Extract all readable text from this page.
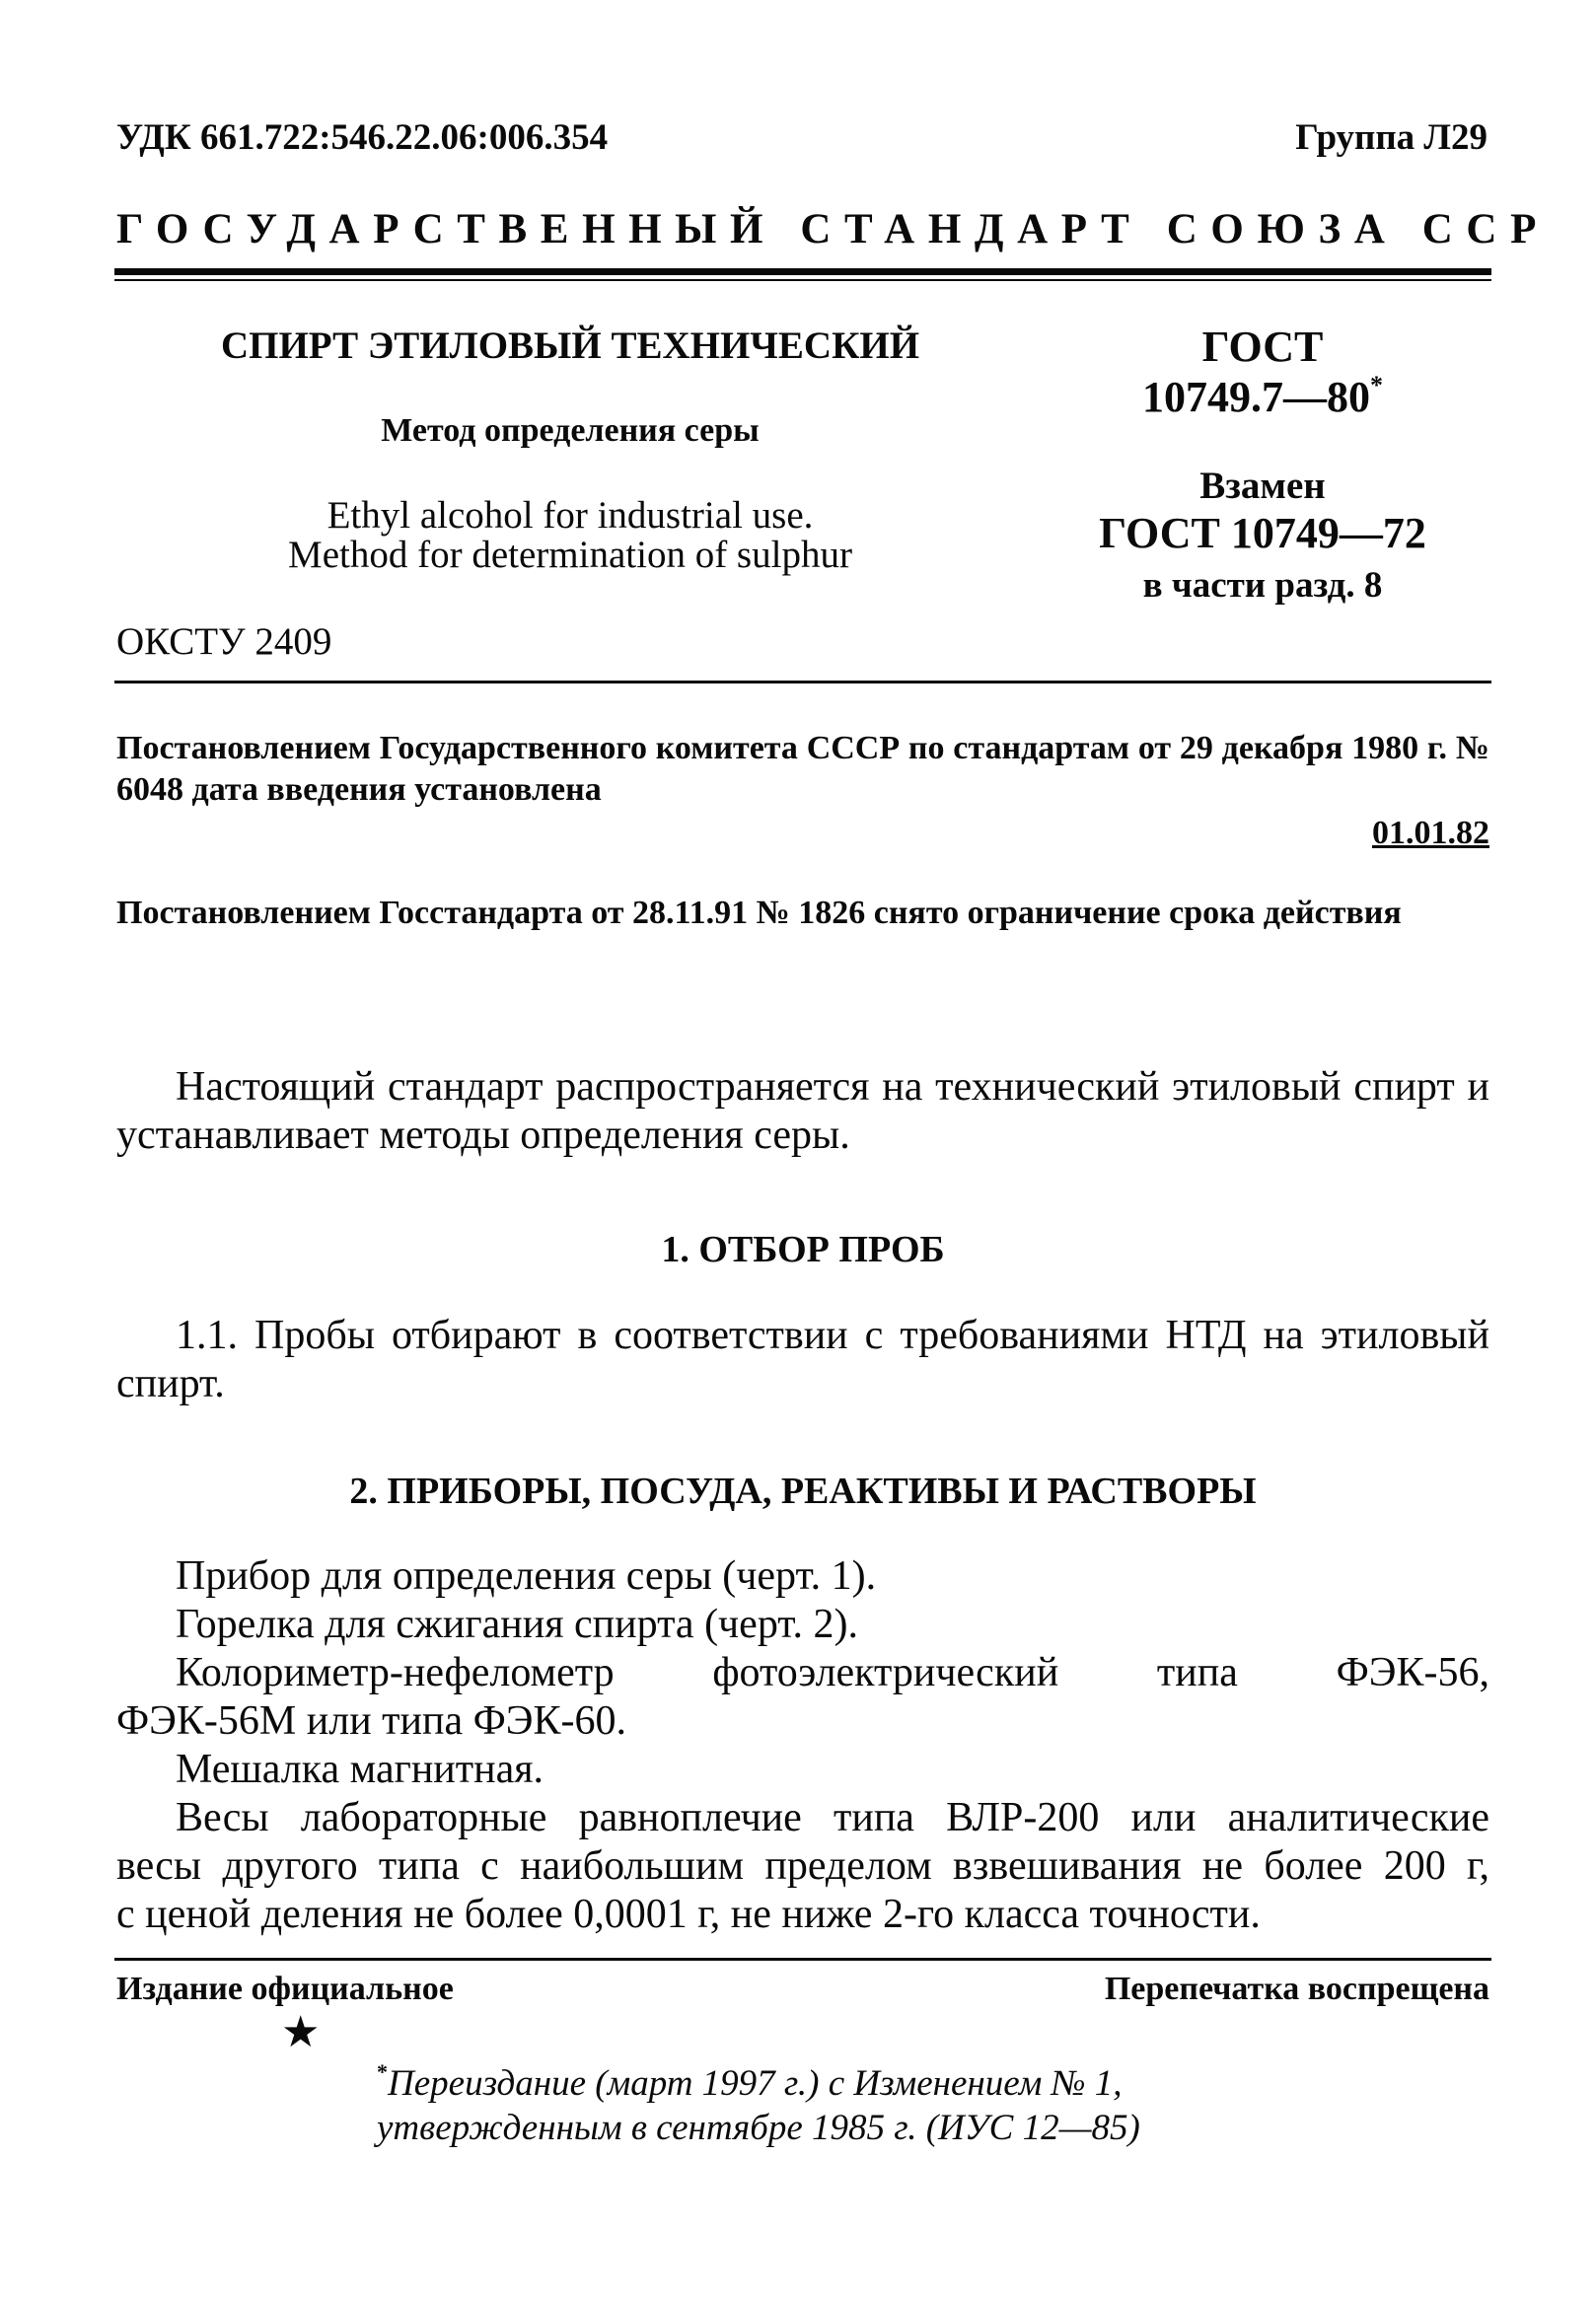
УДК 661.722:546.22.06:006.354	Группа Л29
ГОСУДАРСТВЕННЫЙ СТАНДАРТ СОЮЗА ССР
СПИРТ ЭТИЛОВЫЙ ТЕХНИЧЕСКИЙ
Метод определения серы
Ethyl alcohol for industrial use.
Method for determination of sulphur
ОКСТУ 2409
ГОСТ
10749.7—80*
Взамен
ГОСТ 10749—72
в части разд. 8
Постановлением Государственного комитета СССР по стандартам от 29 декабря 1980 г. № 6048 дата введения установлена
01.01.82
Постановлением Госстандарта от 28.11.91 № 1826 снято ограничение срока действия
Настоящий стандарт распространяется на технический этиловый спирт и устанавливает методы определения серы.
1. ОТБОР ПРОБ
1.1. Пробы отбирают в соответствии с требованиями НТД на этиловый спирт.
2. ПРИБОРЫ, ПОСУДА, РЕАКТИВЫ И РАСТВОРЫ
Прибор для определения серы (черт. 1).
Горелка для сжигания спирта (черт. 2).
Колориметр-нефелометр фотоэлектрический типа ФЭК-56,
ФЭК-56М или типа ФЭК-60.
Мешалка магнитная.
Весы лабораторные равноплечие типа ВЛР-200 или аналитические
весы другого типа с наибольшим пределом взвешивания не более 200 г,
с ценой деления не более 0,0001 г, не ниже 2-го класса точности.
Издание официальное	Перепечатка воспрещена
★
*Переиздание (март 1997 г.) с Изменением № 1,
утвержденным в сентябре 1985 г. (ИУС 12—85)
